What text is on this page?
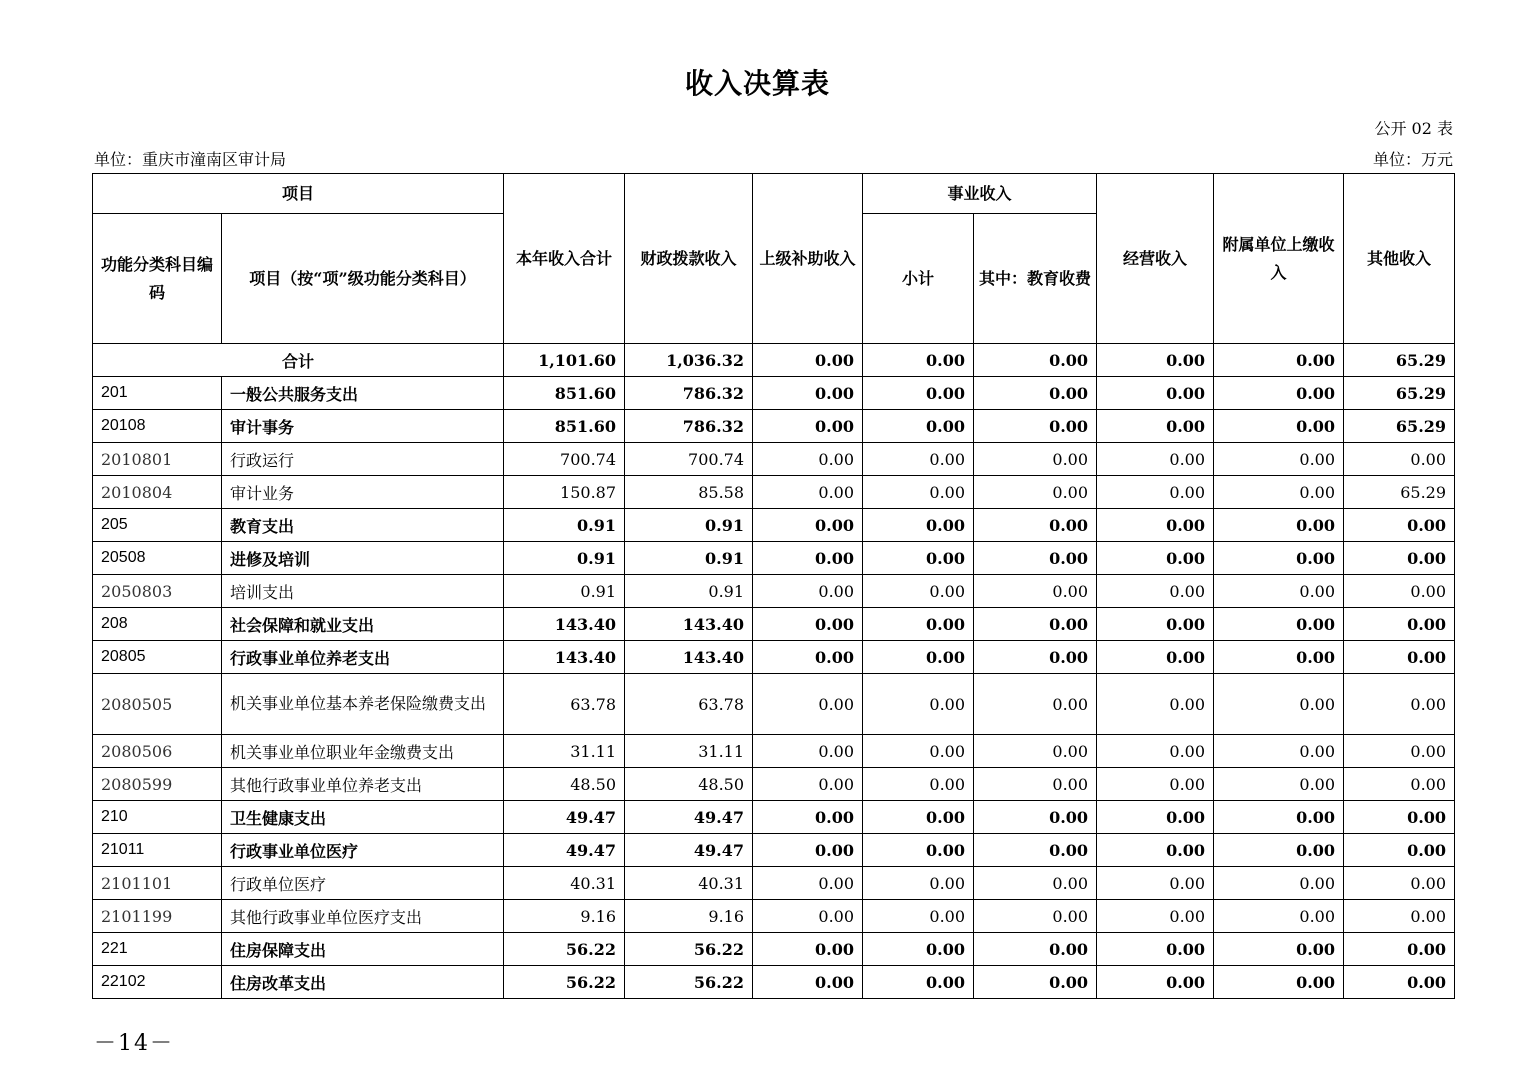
收入决算表
公开 02 表
单位：重庆市潼南区审计局	单位：万元
项目		本年收入合计	财政拨款收入	上级补助收入	事业收入		经营收入	附属单位上缴收入	其他收入
功能分类科目编码	项目（按“项”级功能分类科目）				小计	其中：教育收费			
合计		1,101.60	1,036.32	0.00	0.00	0.00	0.00	0.00	65.29
201	一般公共服务支出	851.60	786.32	0.00	0.00	0.00	0.00	0.00	65.29
20108	审计事务	851.60	786.32	0.00	0.00	0.00	0.00	0.00	65.29
2010801	行政运行	700.74	700.74	0.00	0.00	0.00	0.00	0.00	0.00
2010804	审计业务	150.87	85.58	0.00	0.00	0.00	0.00	0.00	65.29
205	教育支出	0.91	0.91	0.00	0.00	0.00	0.00	0.00	0.00
20508	进修及培训	0.91	0.91	0.00	0.00	0.00	0.00	0.00	0.00
2050803	培训支出	0.91	0.91	0.00	0.00	0.00	0.00	0.00	0.00
208	社会保障和就业支出	143.40	143.40	0.00	0.00	0.00	0.00	0.00	0.00
20805	行政事业单位养老支出	143.40	143.40	0.00	0.00	0.00	0.00	0.00	0.00
2080505	机关事业单位基本养老保险缴费支出	63.78	63.78	0.00	0.00	0.00	0.00	0.00	0.00
2080506	机关事业单位职业年金缴费支出	31.11	31.11	0.00	0.00	0.00	0.00	0.00	0.00
2080599	其他行政事业单位养老支出	48.50	48.50	0.00	0.00	0.00	0.00	0.00	0.00
210	卫生健康支出	49.47	49.47	0.00	0.00	0.00	0.00	0.00	0.00
21011	行政事业单位医疗	49.47	49.47	0.00	0.00	0.00	0.00	0.00	0.00
2101101	行政单位医疗	40.31	40.31	0.00	0.00	0.00	0.00	0.00	0.00
2101199	其他行政事业单位医疗支出	9.16	9.16	0.00	0.00	0.00	0.00	0.00	0.00
221	住房保障支出	56.22	56.22	0.00	0.00	0.00	0.00	0.00	0.00
22102	住房改革支出	56.22	56.22	0.00	0.00	0.00	0.00	0.00	0.00
－14－
